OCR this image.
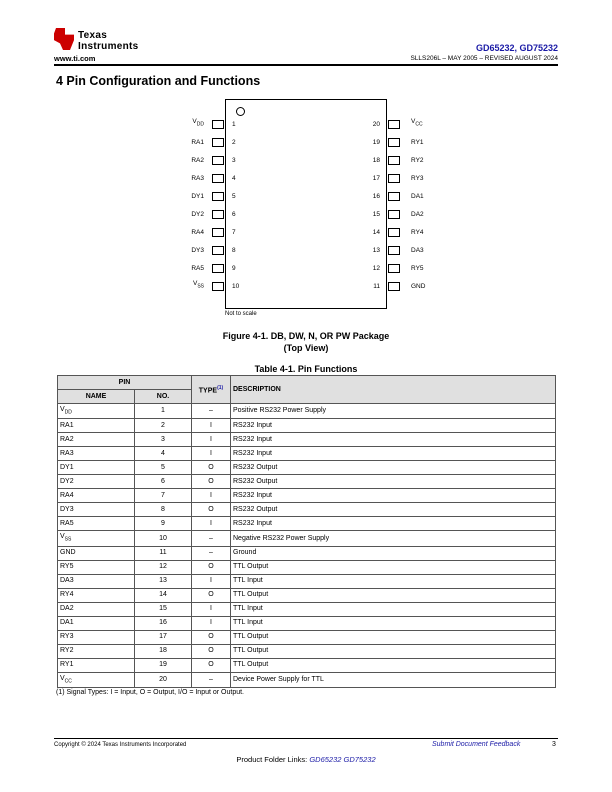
Texas
Instruments
www.ti.com
GD65232, GD75232
SLLS206L – MAY 2005 – REVISED AUGUST 2024
4 Pin Configuration and Functions
1
$V_{DD}$
2
RA1
3
RA2
4
RA3
5
DY1
6
DY2
7
RA4
8
DY3
9
RA5
10
$V_{SS}$
20	$V_{CC}$
19	RY1
18	RY2
17	RY3
16	DA1
15	DA2
14	RY4
13	DA3
12	RY5
11	GND
Not to scale
Figure 4-1. DB, DW, N, OR PW Package
(Top View)
Table 4-1. Pin Functions
PIN		TYPE$^{(1)}$	DESCRIPTION
NAME	NO.		
$V_{DD}$	1	–	Positive RS232 Power Supply
RA1	2	I	RS232 Input
RA2	3	I	RS232 Input
RA3	4	I	RS232 Input
DY1	5	O	RS232 Output
DY2	6	O	RS232 Output
RA4	7	I	RS232 Input
DY3	8	O	RS232 Output
RA5	9	I	RS232 Input
$V_{SS}$	10	–	Negative RS232 Power Supply
GND	11	–	Ground
RY5	12	O	TTL Output
DA3	13	I	TTL Input
RY4	14	O	TTL Output
DA2	15	I	TTL Input
DA1	16	I	TTL Input
RY3	17	O	TTL Output
RY2	18	O	TTL Output
RY1	19	O	TTL Output
$V_{CC}$	20	–	Device Power Supply for TTL
(1) Signal Types: I = Input, O = Output, I/O = Input or Output.
Copyright © 2024 Texas Instruments Incorporated	Submit Document Feedback	3
Product Folder Links: GD65232 GD75232
